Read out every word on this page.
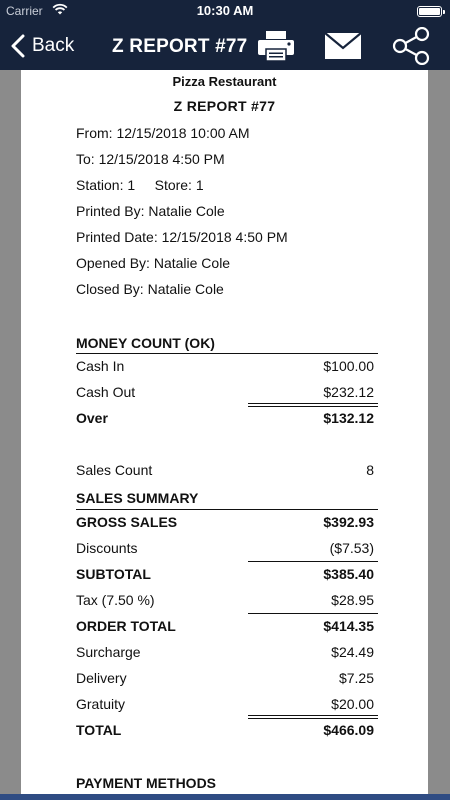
Carrier	10:30 AM
Back Z REPORT #77
Pizza Restaurant
Z REPORT #77
From: 12/15/2018 10:00 AM
To: 12/15/2018 4:50 PM
Station: 1     Store: 1
Printed By: Natalie Cole
Printed Date: 12/15/2018 4:50 PM
Opened By: Natalie Cole
Closed By: Natalie Cole
MONEY COUNT (OK)
Cash In	$100.00
Cash Out	$232.12
Over	$132.12
Sales Count	8
SALES SUMMARY
GROSS SALES	$392.93
Discounts	($7.53)
SUBTOTAL	$385.40
Tax (7.50 %)	$28.95
ORDER TOTAL	$414.35
Surcharge	$24.49
Delivery	$7.25
Gratuity	$20.00
TOTAL	$466.09
PAYMENT METHODS
